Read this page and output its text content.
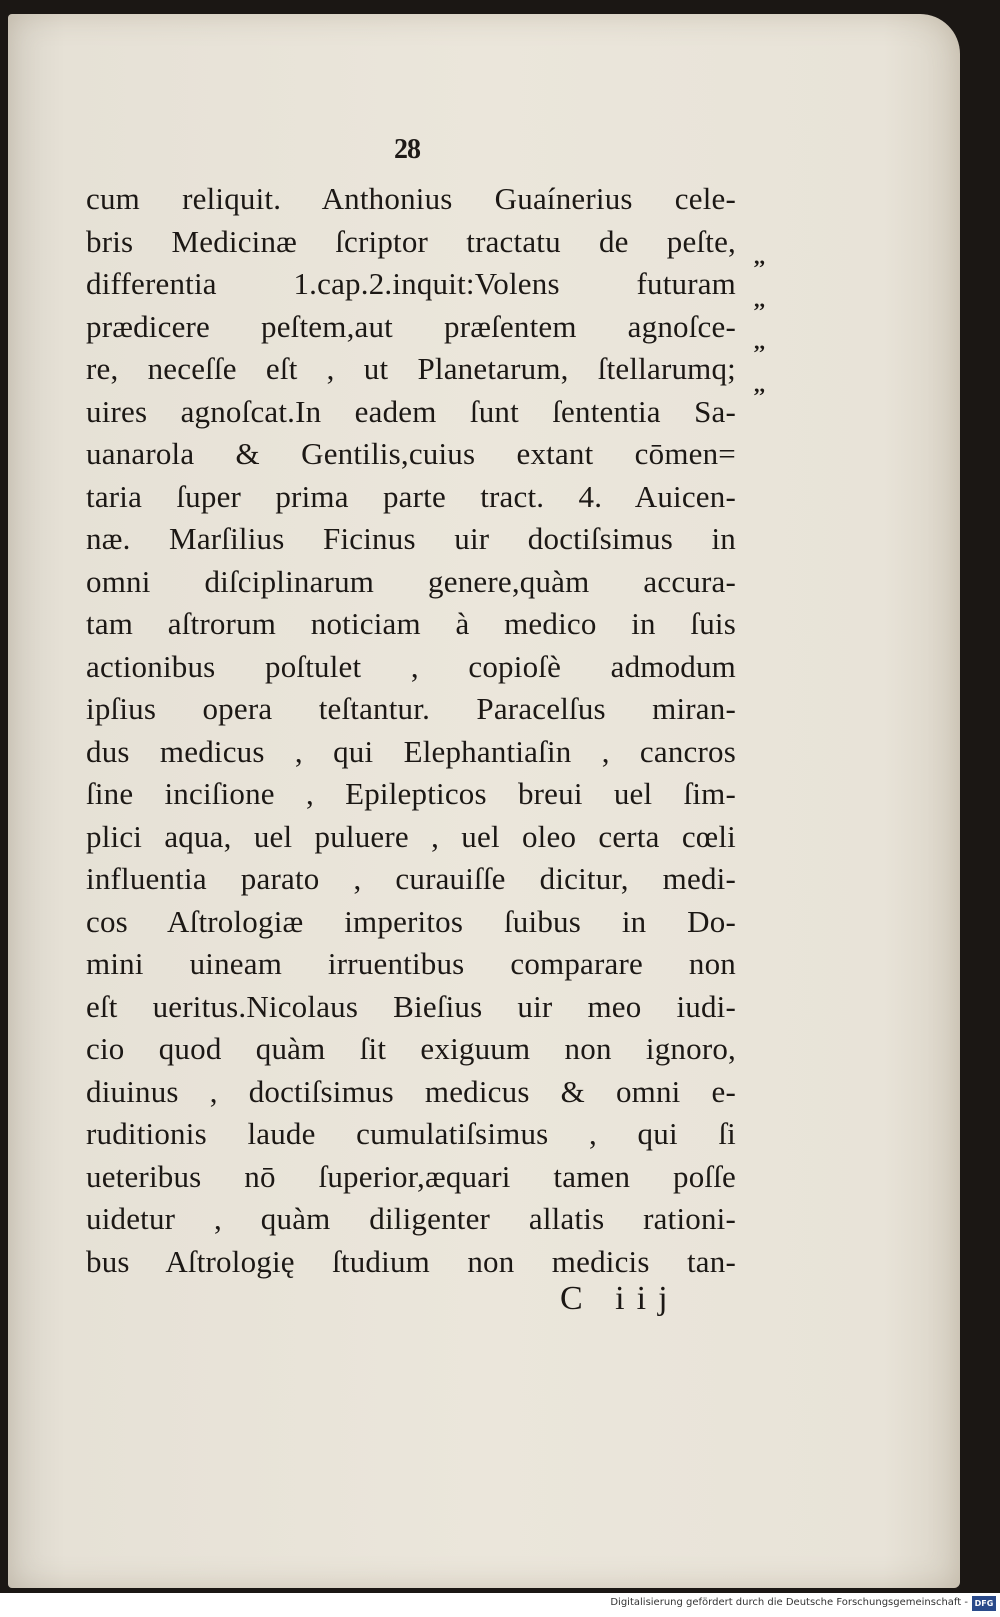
28
cum reliquit. Anthonius Guaínerius cele-
bris Medicinæ ſcriptor tractatu de peſte,
differentia 1.cap.2.inquit:Volens futuram
prædicere peſtem,aut præſentem agnoſce-
re, neceſſe eſt , ut Planetarum, ſtellarumq;
uires agnoſcat.In eadem ſunt ſententia Sa-
uanarola & Gentilis,cuius extant cōmen=
taria ſuper prima parte tract. 4. Auicen-
næ. Marſilius Ficinus uir doctiſsimus in
omni diſciplinarum genere,quàm accura-
tam aſtrorum noticiam à medico in ſuis
actionibus poſtulet , copioſè admodum
ipſius opera teſtantur. Paracelſus miran-
dus medicus , qui Elephantiaſin , cancros
ſine inciſione , Epilepticos breui uel ſim-
plici aqua, uel puluere , uel oleo certa cœli
influentia parato , curauiſſe dicitur, medi-
cos Aſtrologiæ imperitos ſuibus in Do-
mini uineam irruentibus comparare non
eſt ueritus.Nicolaus Bieſius uir meo iudi-
cio quod quàm ſit exiguum non ignoro,
diuinus , doctiſsimus medicus & omni e-
ruditionis laude cumulatiſsimus , qui ſi
ueteribus nō ſuperior,æquari tamen poſſe
uidetur , quàm diligenter allatis rationi-
bus Aſtrologię ſtudium non medicis tan-
,,
,,
,,
,,
C iij
Digitalisierung gefördert durch die Deutsche Forschungsgemeinschaft - DFG
